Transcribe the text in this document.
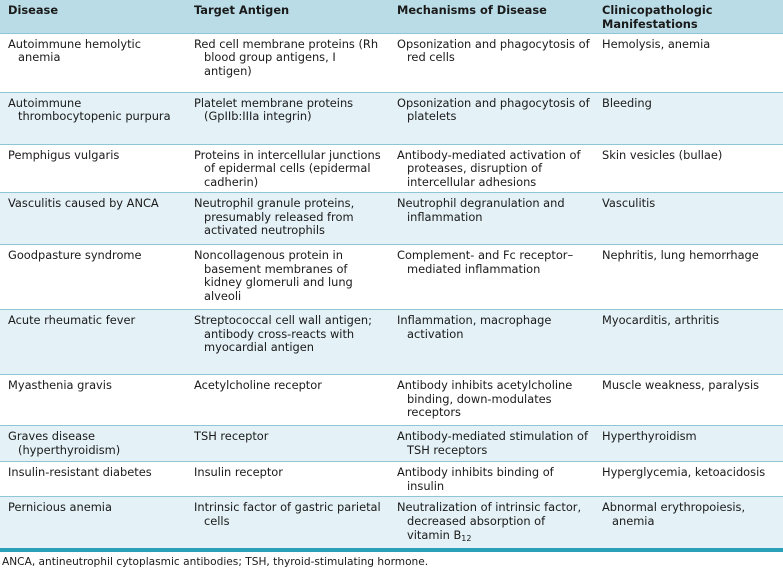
Disease	Target Antigen	Mechanisms of Disease	Clinicopathologic Manifestations

Autoimmune hemolytic anemia	Red cell membrane proteins (Rh blood group antigens, I antigen)	Opsonization and phagocytosis of red cells	Hemolysis, anemia

Autoimmune thrombocytopenic purpura	Platelet membrane proteins (GpIIb:IIIa integrin)	Opsonization and phagocytosis of platelets	Bleeding

Pemphigus vulgaris	Proteins in intercellular junctions of epidermal cells (epidermal cadherin)	Antibody-mediated activation of proteases, disruption of intercellular adhesions	Skin vesicles (bullae)

Vasculitis caused by ANCA	Neutrophil granule proteins, presumably released from activated neutrophils	Neutrophil degranulation and inflammation	Vasculitis

Goodpasture syndrome	Noncollagenous protein in basement membranes of kidney glomeruli and lung alveoli	Complement- and Fc receptor–mediated inflammation	Nephritis, lung hemorrhage

Acute rheumatic fever	Streptococcal cell wall antigen; antibody cross-reacts with myocardial antigen	Inflammation, macrophage activation	Myocarditis, arthritis

Myasthenia gravis	Acetylcholine receptor	Antibody inhibits acetylcholine binding, down-modulates receptors	Muscle weakness, paralysis

Graves disease (hyperthyroidism)	TSH receptor	Antibody-mediated stimulation of TSH receptors	Hyperthyroidism

Insulin-resistant diabetes	Insulin receptor	Antibody inhibits binding of insulin	Hyperglycemia, ketoacidosis

Pernicious anemia	Intrinsic factor of gastric parietal cells	Neutralization of intrinsic factor, decreased absorption of vitamin $B_{12}$	Abnormal erythropoiesis, anemia
ANCA, antineutrophil cytoplasmic antibodies; TSH, thyroid-stimulating hormone.
